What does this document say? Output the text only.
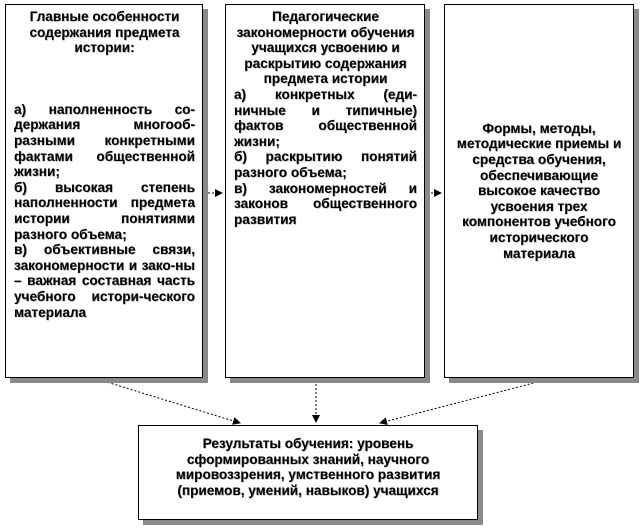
Главные особенности содержания предмета истории:
а) наполненность со-держания многооб-разными конкретными фактами общественной жизни;
б) высокая степень наполненности предмета истории понятиями разного объема;
в) объективные связи, закономерности и зако-ны – важная составная часть учебного истори-ческого материала
Педагогические закономерности обучения учащихся усвоению и раскрытию содержания предмета истории
а) конкретных (еди-ничные и типичные) фактов общественной жизни;
б) раскрытию понятий разного объема;
в) закономерностей и законов общественного развития
Формы, методы, методические приемы и средства обучения, обеспечивающие высокое качество усвоения трех компонентов учебного исторического материала
Результаты обучения: уровень сформированных знаний, научного мировоззрения, умственного развития (приемов, умений, навыков) учащихся
